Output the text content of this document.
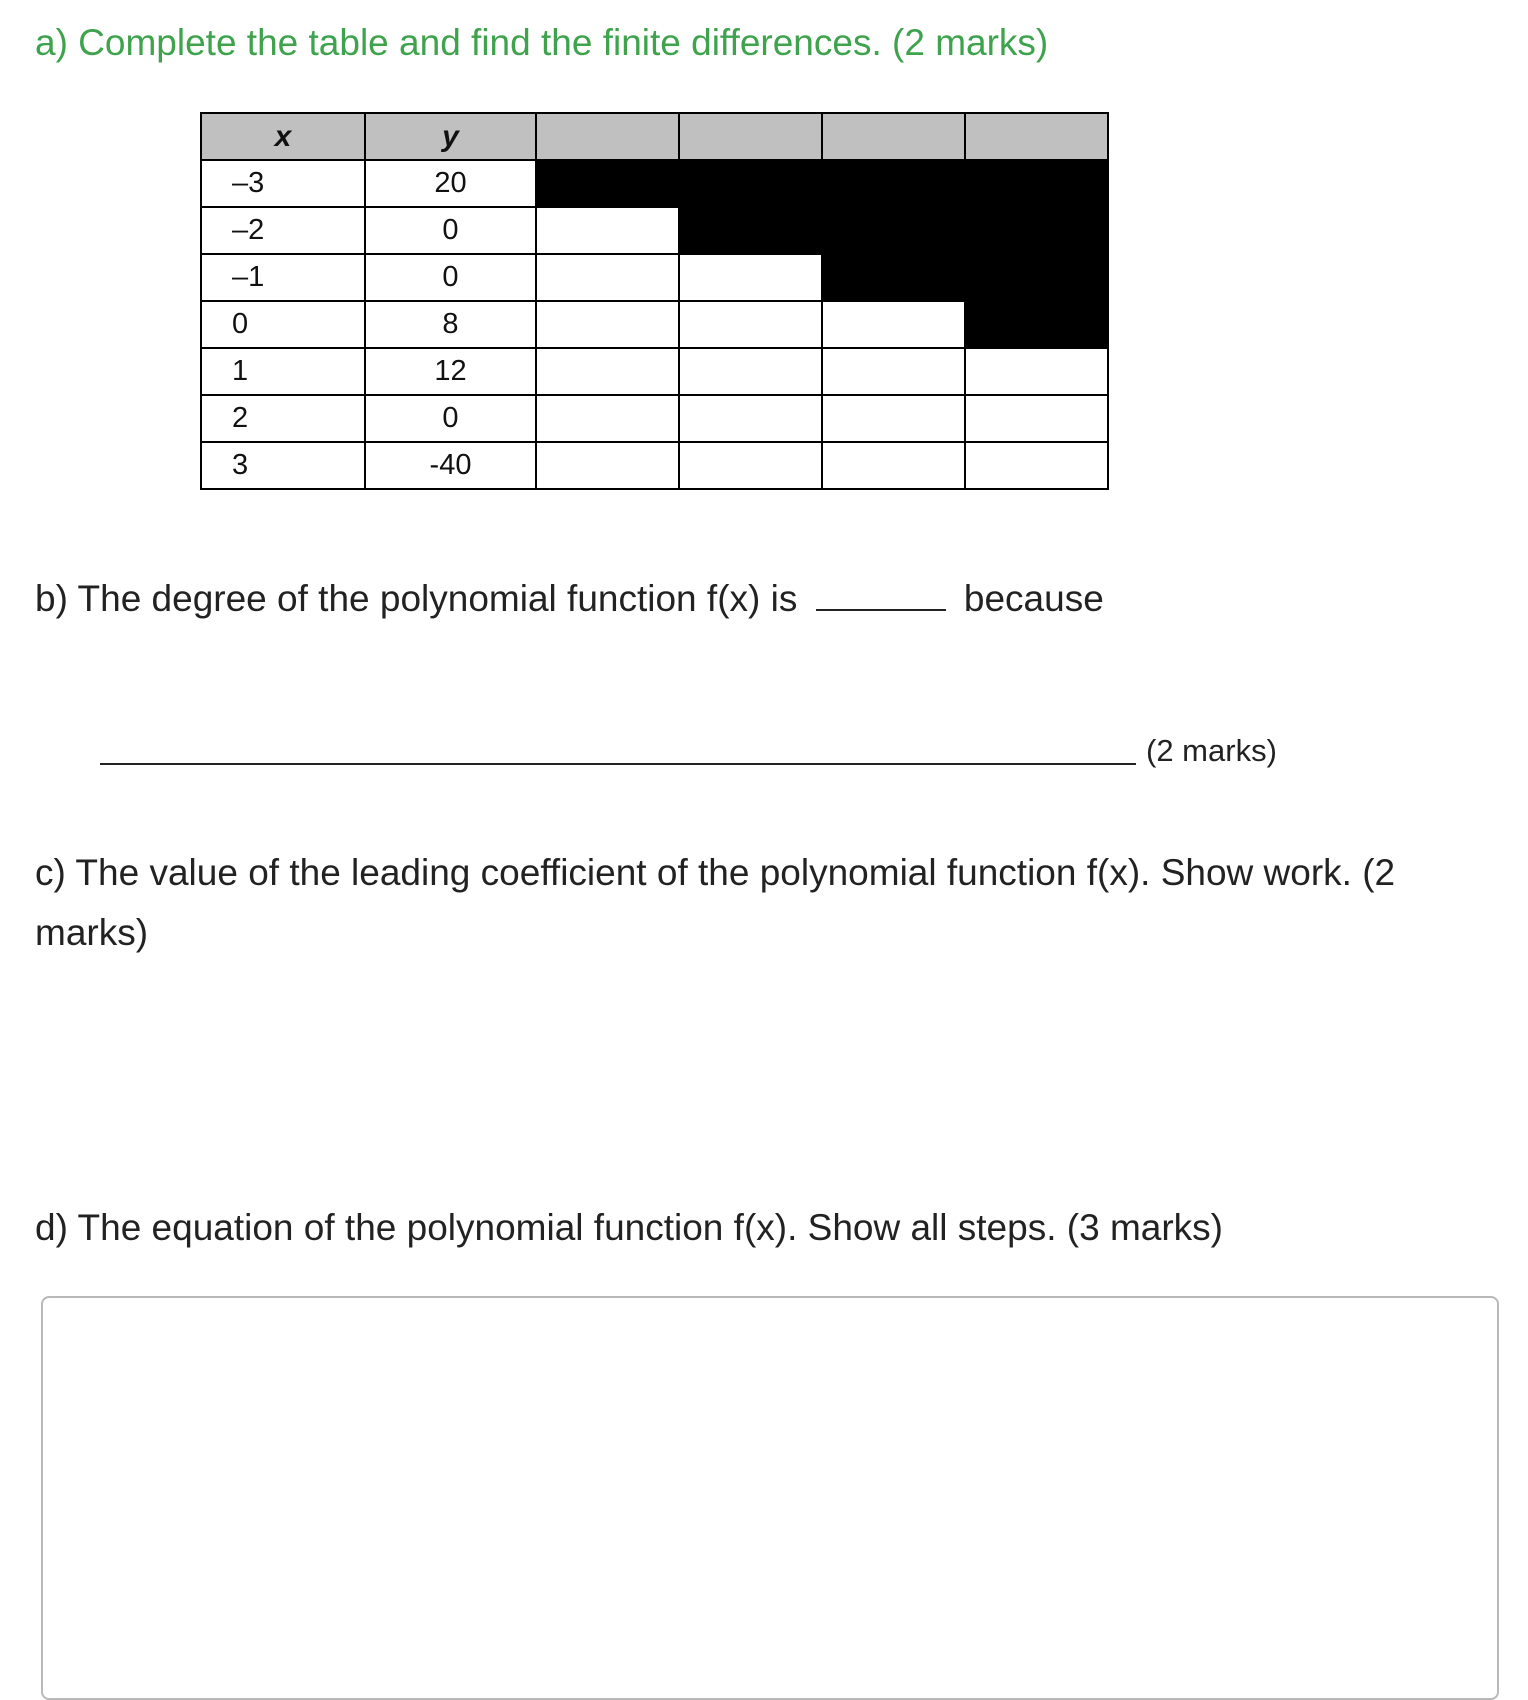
a) Complete the table and find the finite differences. (2 marks)
x	y				
–3	20				
–2	0				
–1	0				
0	8				
1	12				
2	0				
3	-40				
b) The degree of the polynomial function f(x) is	because
(2 marks)
c) The value of the leading coefficient of the polynomial function f(x). Show work. (2 marks)
d) The equation of the polynomial function f(x). Show all steps. (3 marks)
